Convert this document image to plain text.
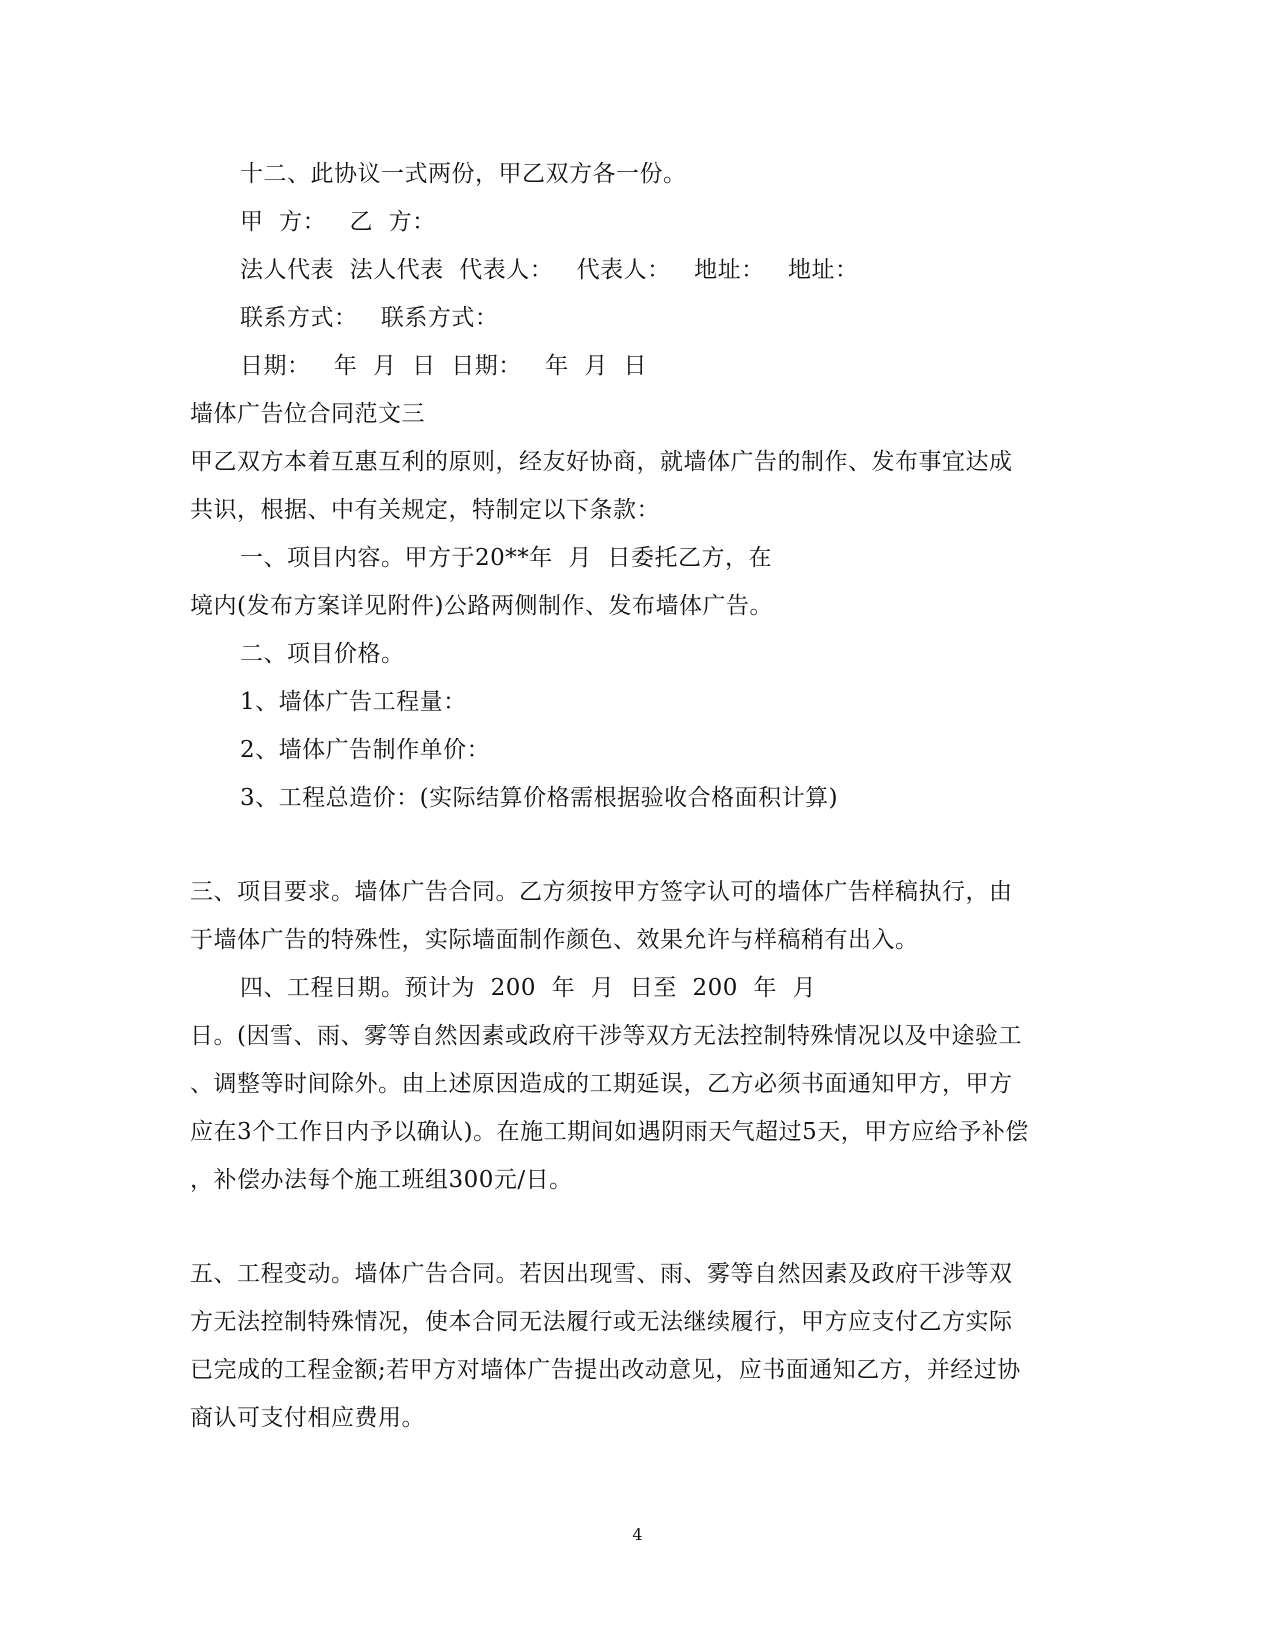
十二、此协议一式两份，甲乙双方各一份。
甲  方：   乙  方：
法人代表  法人代表  代表人：   代表人：   地址：   地址：
联系方式：   联系方式：
日期：   年  月  日  日期：   年  月  日
墙体广告位合同范文三
甲乙双方本着互惠互利的原则，经友好协商，就墙体广告的制作、发布事宜达成
共识，根据、中有关规定，特制定以下条款：
一、项目内容。甲方于20**年  月  日委托乙方，在
境内(发布方案详见附件)公路两侧制作、发布墙体广告。
二、项目价格。
1、墙体广告工程量：
2、墙体广告制作单价：
3、工程总造价：(实际结算价格需根据验收合格面积计算)
三、项目要求。墙体广告合同。乙方须按甲方签字认可的墙体广告样稿执行，由
于墙体广告的特殊性，实际墙面制作颜色、效果允许与样稿稍有出入。
四、工程日期。预计为  200  年  月  日至  200  年  月
日。(因雪、雨、雾等自然因素或政府干涉等双方无法控制特殊情况以及中途验工
、调整等时间除外。由上述原因造成的工期延误，乙方必须书面通知甲方，甲方
应在3个工作日内予以确认)。在施工期间如遇阴雨天气超过5天，甲方应给予补偿
，补偿办法每个施工班组300元/日。
五、工程变动。墙体广告合同。若因出现雪、雨、雾等自然因素及政府干涉等双
方无法控制特殊情况，使本合同无法履行或无法继续履行，甲方应支付乙方实际
已完成的工程金额;若甲方对墙体广告提出改动意见，应书面通知乙方，并经过协
商认可支付相应费用。
4
